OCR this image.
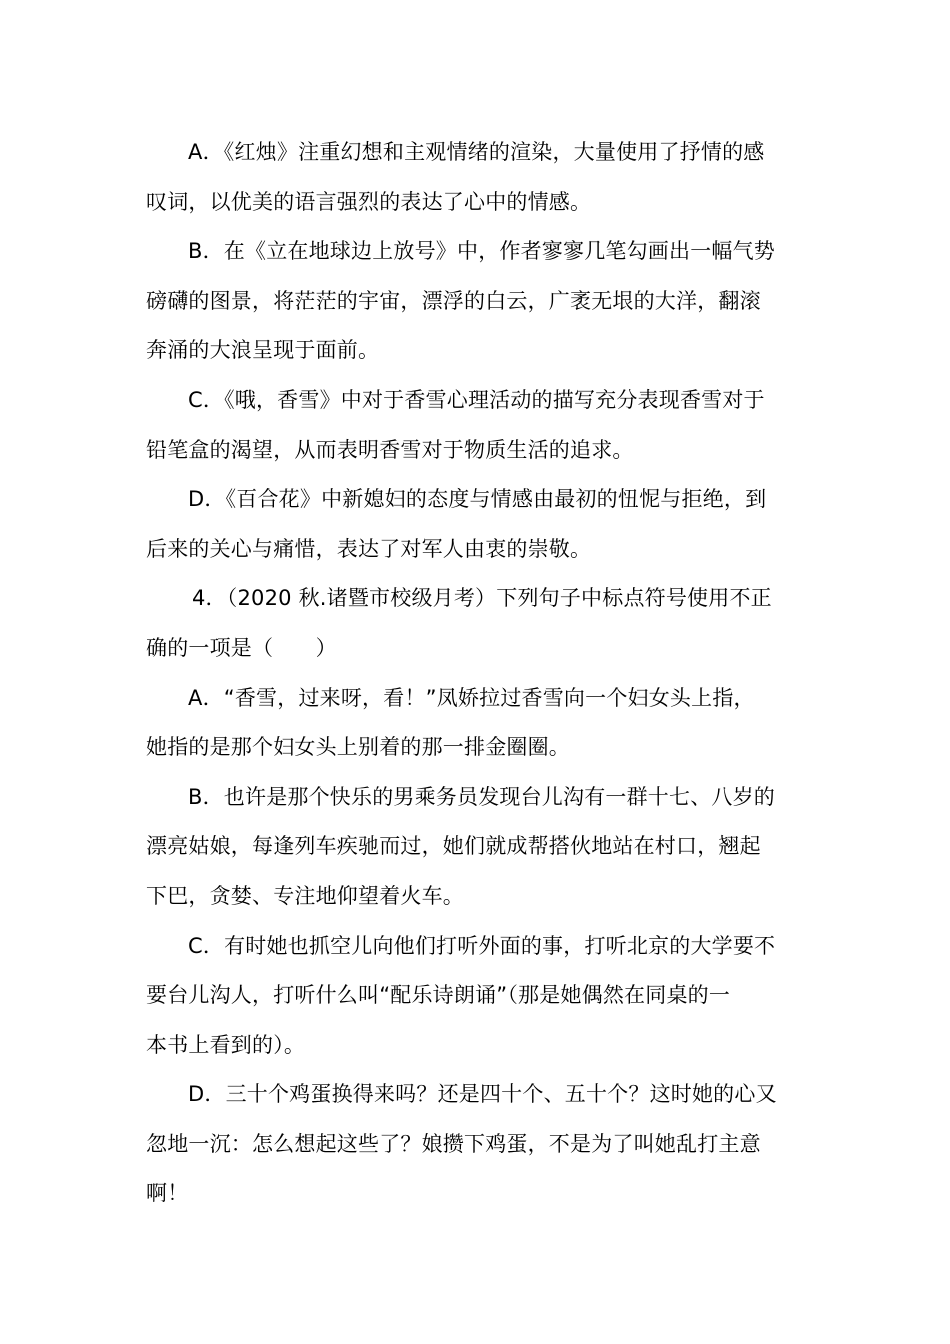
A．《红烛》注重幻想和主观情绪的渲染，大量使用了抒情的感
叹词，以优美的语言强烈的表达了心中的情感。

B．在《立在地球边上放号》中，作者寥寥几笔勾画出一幅气势
磅礴的图景，将茫茫的宇宙，漂浮的白云，广袤无垠的大洋，翻滚
奔涌的大浪呈现于面前。

C．《哦，香雪》中对于香雪心理活动的描写充分表现香雪对于
铅笔盒的渴望，从而表明香雪对于物质生活的追求。

D．《百合花》中新媳妇的态度与情感由最初的忸怩与拒绝，到
后来的关心与痛惜，表达了对军人由衷的崇敬。

4．（2020 秋.诸暨市校级月考）下列句子中标点符号使用不正
确的一项是（　　）

A．“香雪，过来呀，看！”凤娇拉过香雪向一个妇女头上指，
她指的是那个妇女头上别着的那一排金圈圈。

B．也许是那个快乐的男乘务员发现台儿沟有一群十七、八岁的
漂亮姑娘，每逢列车疾驰而过，她们就成帮搭伙地站在村口，翘起
下巴，贪婪、专注地仰望着火车。

C．有时她也抓空儿向他们打听外面的事，打听北京的大学要不
要台儿沟人，打听什么叫“配乐诗朗诵”（那是她偶然在同桌的一
本书上看到的）。

D．三十个鸡蛋换得来吗？还是四十个、五十个？这时她的心又
忽地一沉：怎么想起这些了？娘攒下鸡蛋，不是为了叫她乱打主意
啊！
